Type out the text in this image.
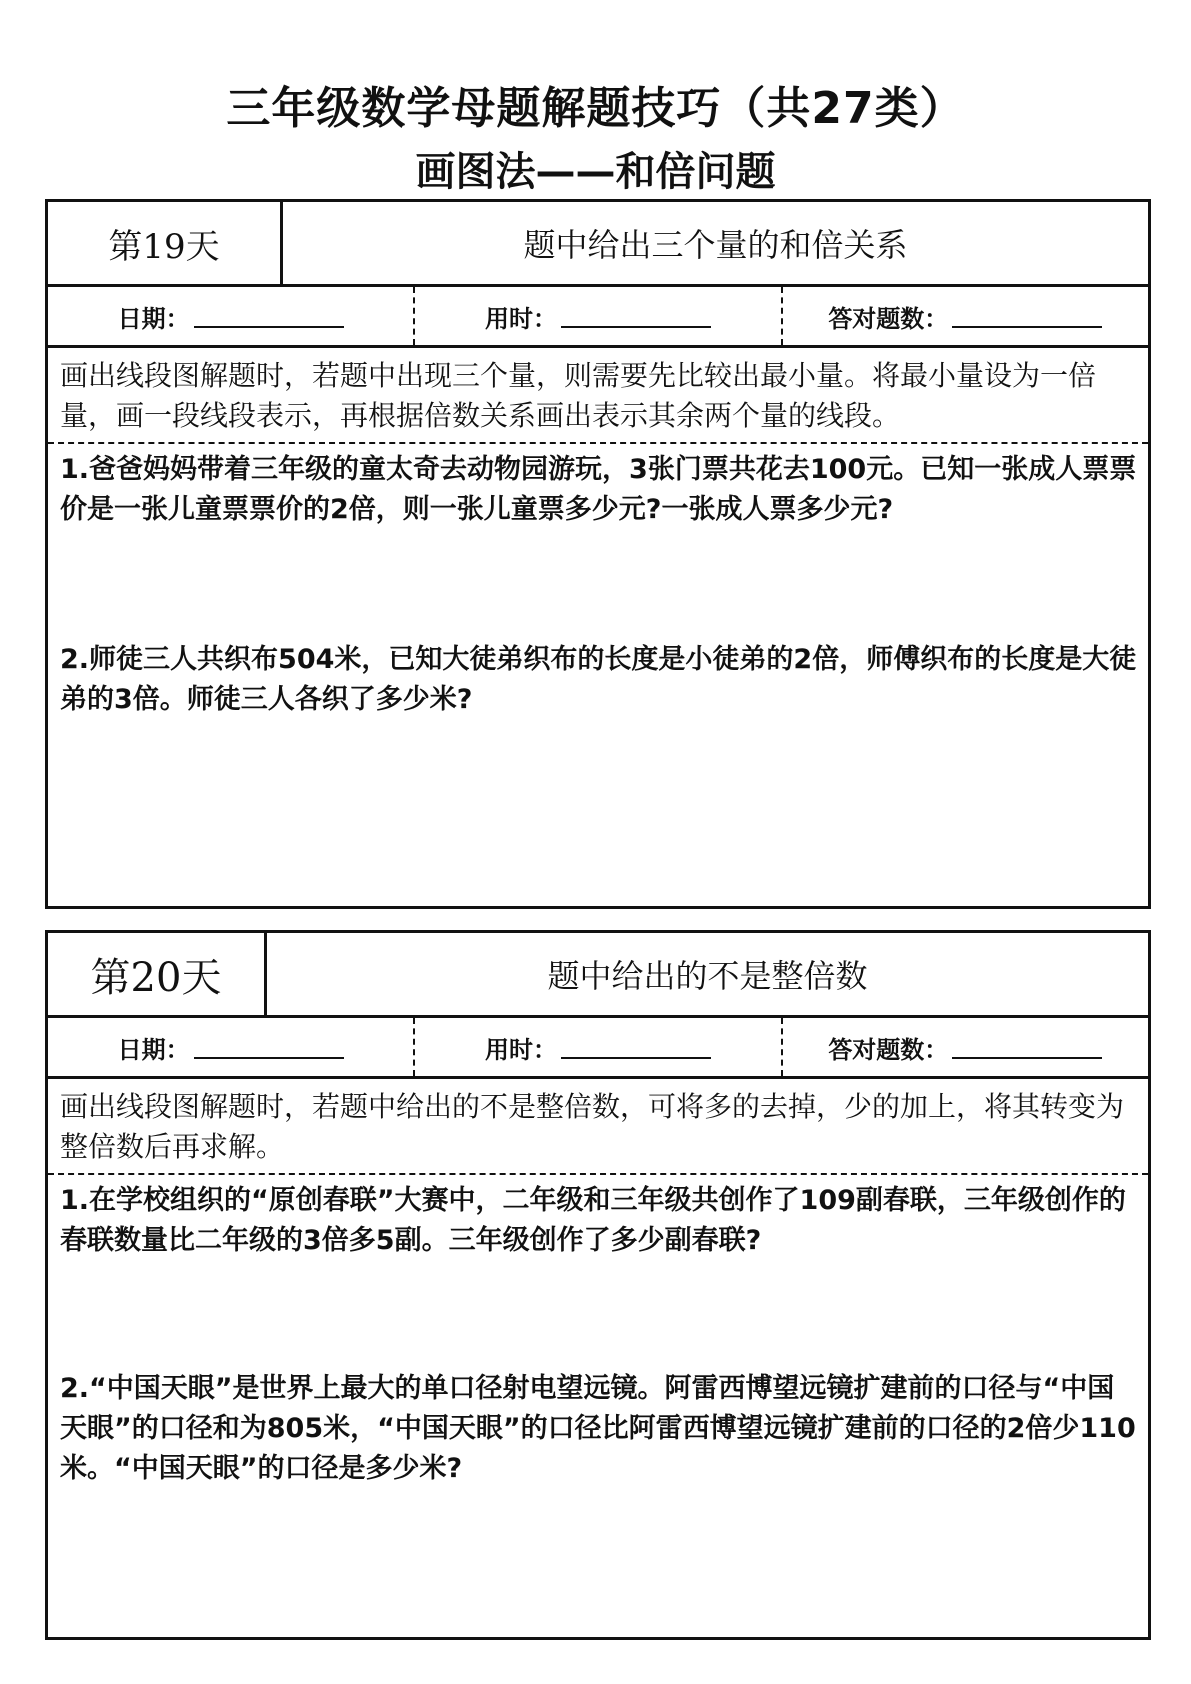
三年级数学母题解题技巧（共27类）
画图法——和倍问题
第19天	题中给出三个量的和倍关系
日期：	用时：	答对题数：
画出线段图解题时，若题中出现三个量，则需要先比较出最小量。将最小量设为一倍量，画一段线段表示，再根据倍数关系画出表示其余两个量的线段。
1.爸爸妈妈带着三年级的童太奇去动物园游玩，3张门票共花去100元。已知一张成人票票价是一张儿童票票价的2倍，则一张儿童票多少元?一张成人票多少元?
2.师徒三人共织布504米，已知大徒弟织布的长度是小徒弟的2倍，师傅织布的长度是大徒弟的3倍。师徒三人各织了多少米?
第20天	题中给出的不是整倍数
日期：	用时：	答对题数：
画出线段图解题时，若题中给出的不是整倍数，可将多的去掉，少的加上，将其转变为整倍数后再求解。
1.在学校组织的“原创春联”大赛中，二年级和三年级共创作了109副春联，三年级创作的春联数量比二年级的3倍多5副。三年级创作了多少副春联?
2.“中国天眼”是世界上最大的单口径射电望远镜。阿雷西博望远镜扩建前的口径与“中国天眼”的口径和为805米，“中国天眼”的口径比阿雷西博望远镜扩建前的口径的2倍少110米。“中国天眼”的口径是多少米?
